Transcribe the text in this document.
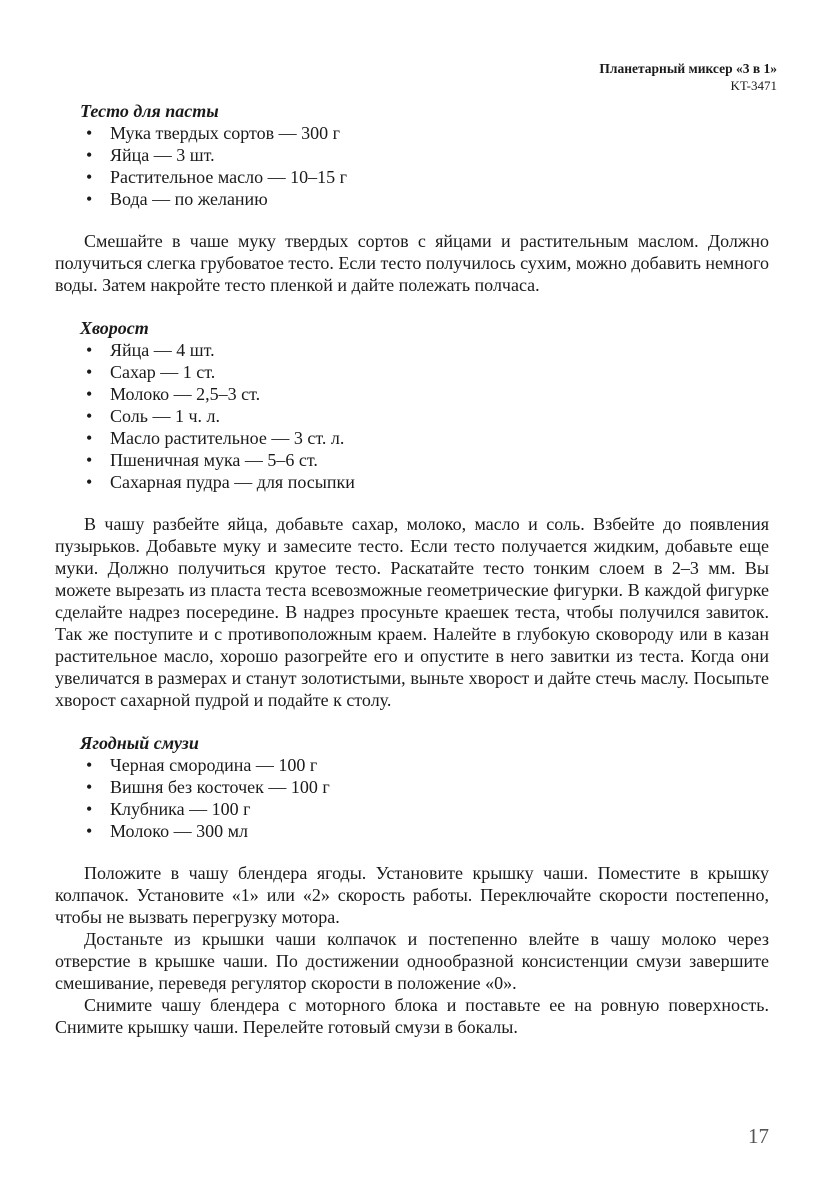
Планетарный миксер «3 в 1»
KT-3471
Тесто для пасты
• Мука твердых сортов — 300 г
• Яйца — 3 шт.
• Растительное масло — 10–15 г
• Вода — по желанию

Смешайте в чаше муку твердых сортов с яйцами и растительным маслом. Должно получиться слегка грубоватое тесто. Если тесто получилось сухим, можно добавить немного воды. Затем накройте тесто пленкой и дайте полежать полчаса.

Хворост
• Яйца — 4 шт.
• Сахар — 1 ст.
• Молоко — 2,5–3 ст.
• Соль — 1 ч. л.
• Масло растительное — 3 ст. л.
• Пшеничная мука — 5–6 ст.
• Сахарная пудра — для посыпки

В чашу разбейте яйца, добавьте сахар, молоко, масло и соль. Взбейте до появления пузырьков. Добавьте муку и замесите тесто. Если тесто получается жидким, добавьте еще муки. Должно получиться крутое тесто. Раскатайте тесто тонким слоем в 2–3 мм. Вы можете вырезать из пласта теста всевозможные геометрические фигурки. В каждой фигурке сделайте надрез посередине. В надрез просуньте краешек теста, чтобы получился завиток. Так же поступите и с противоположным краем. Налейте в глубокую сковороду или в казан растительное масло, хорошо разогрейте его и опустите в него завитки из теста. Когда они увеличатся в размерах и станут золотистыми, выньте хворост и дайте стечь маслу. Посыпьте хворост сахарной пудрой и подайте к столу.

Ягодный смузи
• Черная смородина — 100 г
• Вишня без косточек — 100 г
• Клубника — 100 г
• Молоко — 300 мл

Положите в чашу блендера ягоды. Установите крышку чаши. Поместите в крышку колпачок. Установите «1» или «2» скорость работы. Переключайте скорости постепенно, чтобы не вызвать перегрузку мотора.

Достаньте из крышки чаши колпачок и постепенно влейте в чашу молоко через отверстие в крышке чаши. По достижении однообразной консистенции смузи завершите смешивание, переведя регулятор скорости в положение «0».

Снимите чашу блендера с моторного блока и поставьте ее на ровную поверхность. Снимите крышку чаши. Перелейте готовый смузи в бокалы.

17
